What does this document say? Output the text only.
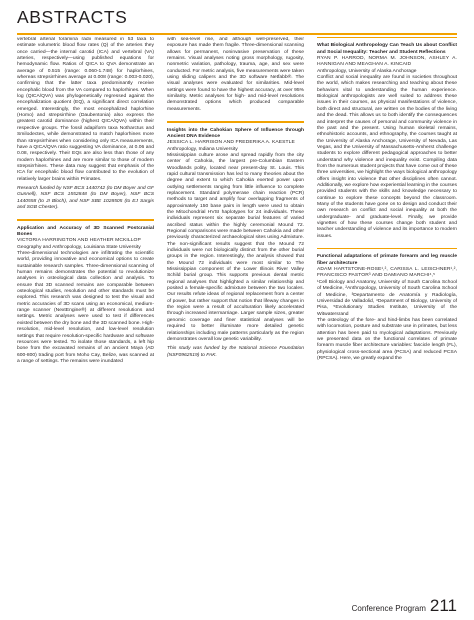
ABSTRACTS

vertebral arterial foramina radii measured in 53 taxa to estimate volumetric blood flow rates (Q) of the arteries they once carried—the internal carotid (ICA) and vertebral (VA) arteries, respectively—using published equations for hemodynamic flow. Ratios of QICA to QVA demonstrate an average of 0.515 (range: 0.060-1.748) for haplorhines, whereas strepsirrhines average at 0.008 (range: 0.003-0.020), confirming that the latter taxa predominantly receive encephalic blood from the VA compared to haplorhines. When log (QICA/QVA) was phylogenetically regressed against the encephalization quotient (EQ), a significant direct correlation emerged. Interestingly, the most encephalized haplorhine (Homo) and strepsirrhine (Daubentonia) also express the greatest carotid dominance (highest QICA/QVA) within their respective groups. The fossil adapiform taxa Notharctus and Smilodectes, while demonstrated to match haplorhines more than strepsirrhines when considering only ICA measurements, have a QICA/QVA ratio suggesting VA dominance, at 0.06 and 0.08, respectively. Their EQs are also less than those of any modern haplorhines and are more similar to those of modern strepsirrhines. These data may suggest that emphasis of the ICA for encephalic blood flow contributed to the evolution of relatively larger brains within Primates.

Research funded by NSF BCS 1440742 (to DM Boyer and GF Gunnell), NSF BCS 1552848 (to DM Boyer), NSF BCS 1440558 (to JI Bloch), and NSF SBE 1028505 (to EJ Sargis and SGB Chester).

Application and Accuracy of 3D Scanned Postcranial Bones

VICTORIA HARRINGTON AND HEATHER MCKILLOP

Geography and Anthropology, Louisiana State University

Three-dimensional technologies are infiltrating the scientific world, providing innovative and economical options to create sustainable research samples. Three-dimensional scanning of human remains demonstrates the potential to revolutionize analyses in osteological data collection and analysis. To ensure that 3D scanned remains are comparable between osteological studies, resolution and other standards must be explored. This research was designed to test the visual and metric accuracies of 3D scans using an economical, medium-range scanner (NextEngine®) at different resolutions and settings. Metric analyses were used to test if differences existed between the dry bone and the 3D scanned bone. High-resolution, mid-level resolution, and low-level resolution settings that require resolution-specific hardware and software resources were tested. To isolate those standards, a left hip bone from the excavated remains of an ancient Maya (AD 600-800) trading port from Moho Cay, Belize, was scanned at a range of settings. The remains were inundated

with sea-level rise, and although well-preserved, their exposure has made them fragile. Three-dimensional scanning allows for permanent, noninvasive preservation of these remains. Visual analyses noting gross morphology, rugosity, nonmetric variation, pathology, trauma, age, and sex were conducted. For metric analysis, five measurements were taken using sliding calipers and the 3D software Netfabb®. The visual analyses were evaluated for similarities. Mid-level settings were found to have the highest accuracy, at over 95% similarity. Metric analyses for high- and mid-level resolutions demonstrated options which produced comparable measurements.

Insights into the Cahokian Sphere of Influence through Ancient DNA Evidence

JESSICA L. HARRISON AND FREDERIKA A. KAESTLE

Anthropology, Indiana University

Mississippian culture arose and spread rapidly from the city center of Cahokia, the largest pre-Columbian Eastern Woodlands polity, located near present-day St. Louis. This rapid cultural transmission has led to many theories about the degree and extent to which Cahokia exerted power upon outlying settlements ranging from little influence to complete replacement. Standard polymerase chain reaction (PCR) methods to target and amplify four overlapping fragments of approximately 150 base pairs in length were used to obtain the Mitochondrial HVSI haplotypes for 24 individuals. These individuals represent six separate burial features of varied ascribed status within the highly ceremonial Mound 72. Regional comparisons were made between Cahokia and other previously characterized archaeological sites using Admixture. The non-significant results suggest that the Mound 72 individuals were not biologically distinct from the other burial groups in the region. Interestingly, the analysis showed that the Mound 72 individuals were most similar to The Mississippian component of the Lower Illinois River Valley Schild burial group. This supports previous dental metric regional analyses that highlighted a similar relationship and posited a female-specific admixture between the two locales. Our results refute ideas of regional replacement from a center of power, but rather support that notion that lifeway changes in the region were a result of acculturation likely accelerated through increased intermarriage. Larger sample sizes, greater genomic coverage and finer statistical analyses will be required to better illuminate more detailed genetic relationships including male patterns particularly as the region demonstrates overall low genetic variability.

This study was funded by the National Science Foundation (NSF0962519) to FAK.

What Biological Anthropology Can Teach Us about Conflict and Social Inequality: Teacher and Student Reflections

RYAN P. HARROD, NORMA M. JOHNSON, ASHLEY A. HANNIGAN AND MEAGHAN A. KINCAID

Anthropology, University of Alaska Anchorage

Conflict and social inequality are found in societies throughout the world, which makes researching and teaching about these behaviors vital to understanding the human experience. Biological anthropologists are well suited to address these issues in their courses, as physical manifestations of violence, both direct and structural, are written on the bodies of the living and the dead. This allows us to both identify the consequences and interpret the causes of personal and community violence in the past and the present. Using human skeletal remains, ethnohistoric accounts, and ethnography, the courses taught at the University of Alaska Anchorage, University of Nevada, Las Vegas, and the University of Massachusetts-Amherst challenge students to explore different pedagogical approaches to better understand why violence and inequality exist. Compiling data from the numerous student projects that have come out of these three universities, we highlight the ways biological anthropology offers insight into violence that other disciplines often cannot. Additionally, we explore how experiential learning in the courses provided students with the skills and knowledge necessary to continue to explore these concepts beyond the classroom. Many of the students have gone on to design and conduct their own research on conflict and social inequality at both the undergraduate- and graduate-level. Finally, we provide vignettes of how these courses change both student and teacher understanding of violence and its importance to modern issues.

Functional adaptations of primate forearm and leg muscle fiber architecture

ADAM HARTSTONE-ROSE¹,², CARISSA L. LEISCHNER¹,², FRANCISCO PASTOR³ AND DAMIANO MARCHI⁴,⁵

¹Cell Biology and Anatomy, University of South Carolina School of Medicine, ²Anthropology, University of South Carolina School of Medicine, ³Departamento de Anatomía y Radiología, Universidad de Valladolid, ⁴Department of Biology, University of Pisa, ⁵Evolutionary Studies Institute, University of the Witwatersrand

The osteology of the fore- and hind-limbs has been correlated with locomotion, posture and substrate use in primates, but less attention has been paid to myological adaptations. Previously we presented data on the functional correlates of primate forearm muscle fiber architecture variables: fascicle length (FL), physiological cross-sectional area (PCSA) and reduced PCSA (RPCSA). Here, we greatly expand the

Conference Program 211
